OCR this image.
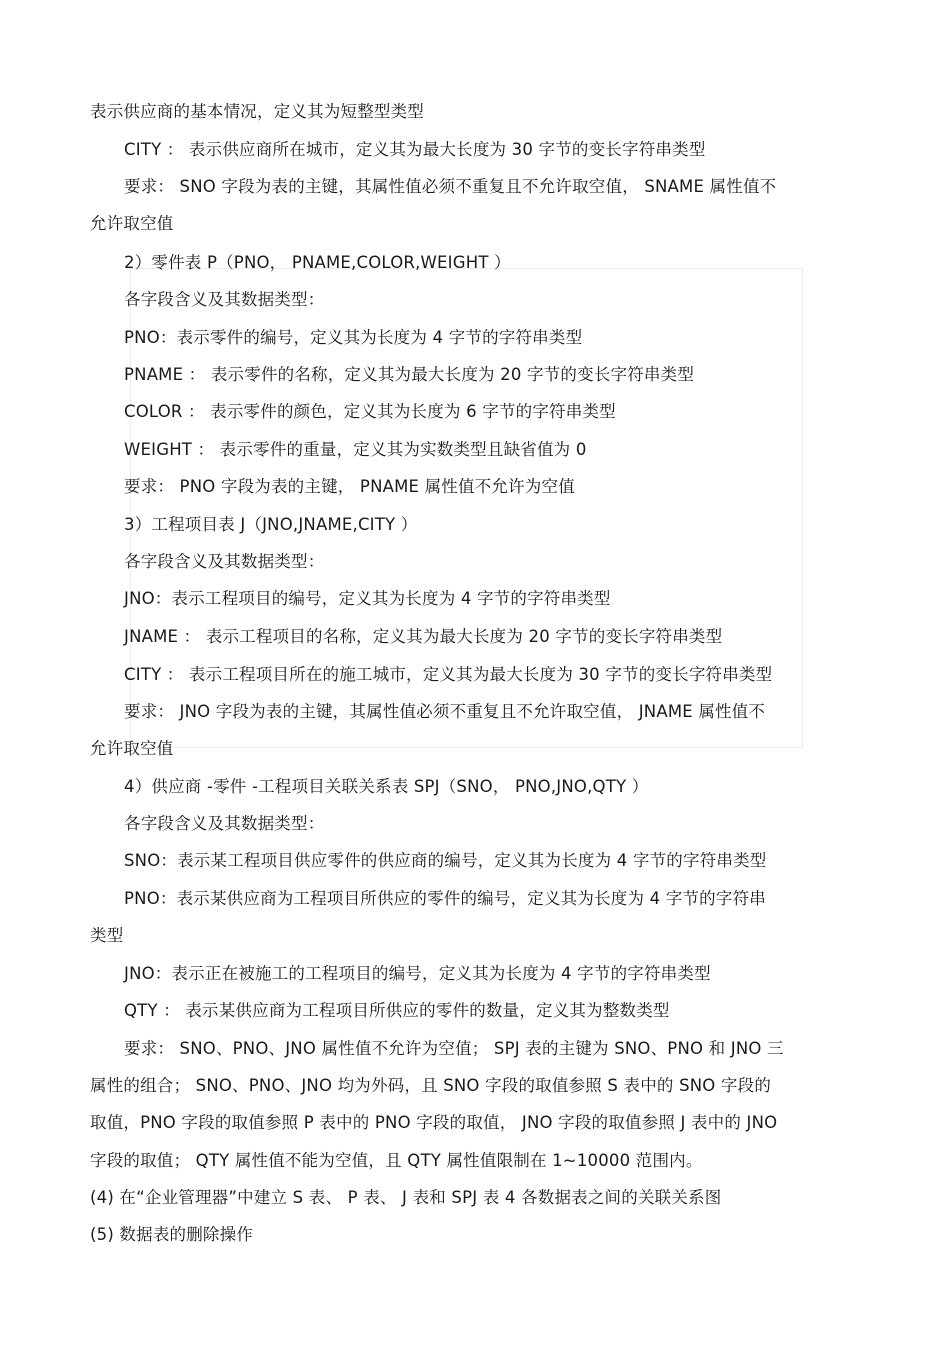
表示供应商的基本情况，定义其为短整型类型
CITY ： 表示供应商所在城市，定义其为最大长度为 30 字节的变长字符串类型
要求： SNO 字段为表的主键，其属性值必须不重复且不允许取空值， SNAME 属性值不
允许取空值
2）零件表 P（PNO， PNAME,COLOR,WEIGHT ）
各字段含义及其数据类型：
PNO：表示零件的编号，定义其为长度为 4 字节的字符串类型
PNAME ： 表示零件的名称，定义其为最大长度为 20 字节的变长字符串类型
COLOR ： 表示零件的颜色，定义其为长度为 6 字节的字符串类型
WEIGHT ： 表示零件的重量，定义其为实数类型且缺省值为 0
要求： PNO 字段为表的主键， PNAME 属性值不允许为空值
3）工程项目表 J（JNO,JNAME,CITY ）
各字段含义及其数据类型：
JNO：表示工程项目的编号，定义其为长度为 4 字节的字符串类型
JNAME ： 表示工程项目的名称，定义其为最大长度为 20 字节的变长字符串类型
CITY ： 表示工程项目所在的施工城市，定义其为最大长度为 30 字节的变长字符串类型
要求： JNO 字段为表的主键，其属性值必须不重复且不允许取空值， JNAME 属性值不
允许取空值
4）供应商 -零件 -工程项目关联关系表 SPJ（SNO， PNO,JNO,QTY ）
各字段含义及其数据类型：
SNO：表示某工程项目供应零件的供应商的编号，定义其为长度为 4 字节的字符串类型
PNO：表示某供应商为工程项目所供应的零件的编号，定义其为长度为 4 字节的字符串
类型
JNO：表示正在被施工的工程项目的编号，定义其为长度为 4 字节的字符串类型
QTY ： 表示某供应商为工程项目所供应的零件的数量，定义其为整数类型
要求： SNO、PNO、JNO 属性值不允许为空值； SPJ 表的主键为 SNO、PNO 和 JNO 三
属性的组合； SNO、PNO、JNO 均为外码，且 SNO 字段的取值参照 S 表中的 SNO 字段的
取值，PNO 字段的取值参照 P 表中的 PNO 字段的取值， JNO 字段的取值参照 J 表中的 JNO
字段的取值； QTY 属性值不能为空值，且 QTY 属性值限制在 1~10000 范围内。
(4) 在“企业管理器”中建立 S 表、 P 表、 J 表和 SPJ 表 4 各数据表之间的关联关系图
(5) 数据表的删除操作
